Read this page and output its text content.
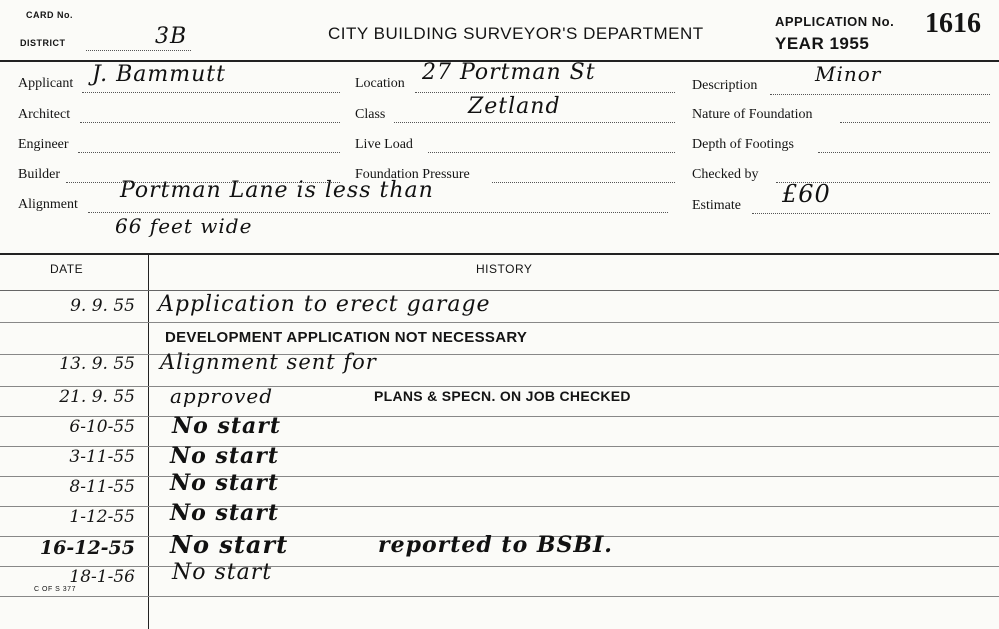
CARD No.
DISTRICT	3B	CITY BUILDING SURVEYOR'S DEPARTMENT
APPLICATION No. 1616
YEAR 1955
Applicant J. Bammutt
Architect
Engineer
Builder
Alignment
Portman Lane is less than
66 feet wide
Location 27 Portman St
Class	Zetland
Live Load
Foundation Pressure
Description	Minor
Nature of Foundation
Depth of Footings
Checked by
Estimate £60
DATE	HISTORY
9. 9. 55 Application to erect garage
DEVELOPMENT APPLICATION NOT NECESSARY
13. 9. 55 Alignment sent for
21. 9. 55 approved	PLANS & SPECN. ON JOB CHECKED
6-10-55 No start
3-11-55 No start
8-11-55 No start
1-12-55 No start
16-12-55 No start	reported to BSBI.
18-1-56 No start
C OF S 377
